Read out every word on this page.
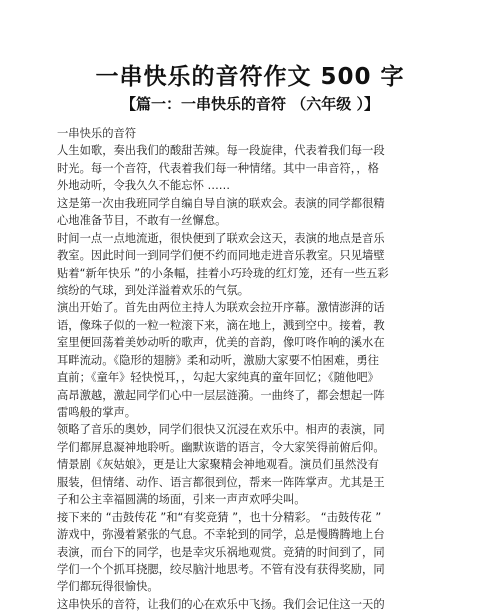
一串快乐的音符作文 500 字
【篇一：一串快乐的音符 （六年级 ）】
一串快乐的音符
人生如歌，奏出我们的酸甜苦辣。每一段旋律，代表着我们每一段
时光。每一个音符，代表着我们每一种情绪。其中一串音符，，格
外地动听，令我久久不能忘怀 ……
这是第一次由我班同学自编自导自演的联欢会。表演的同学都很精
心地准备节目，不敢有一丝懈怠。
时间一点一点地流逝，很快便到了联欢会这天，表演的地点是音乐
教室。因此时间一到同学们便不约而同地走进音乐教室。只见墙壁
贴着“新年快乐 ”的小条幅，挂着小巧玲珑的红灯笼，还有一些五彩
缤纷的气球，到处洋溢着欢乐的气氛。
演出开始了。首先由两位主持人为联欢会拉开序幕。激情澎湃的话
语，像珠子似的一粒一粒滚下来，滴在地上，溅到空中。接着，教
室里便回荡着美妙动听的歌声，优美的音韵，像叮咚作响的溪水在
耳畔流动。《隐形的翅膀》柔和动听，激励大家要不怕困难，勇往
直前；《童年》轻快悦耳，，勾起大家纯真的童年回忆；《随他吧》
高昂激越，激起同学们心中一层层涟漪。一曲终了，都会想起一阵
雷鸣般的掌声。
领略了音乐的奥妙，同学们很快又沉浸在欢乐中。相声的表演，同
学们都屏息凝神地聆听。幽默诙谐的语言，令大家笑得前俯后仰。
情景剧《灰姑娘》，更是让大家聚精会神地观看。演员们虽然没有
服装，但情绪、动作、语言都很到位，帮来一阵阵掌声。尤其是王
子和公主幸福圆满的场面，引来一声声欢呼尖叫。
接下来的 “击鼓传花 ”和“有奖竞猜 ”，也十分精彩。 “击鼓传花 ”
游戏中，弥漫着紧张的气息。不幸轮到的同学，总是慢腾腾地上台
表演，而台下的同学，也是幸灾乐祸地观赏。竞猜的时间到了，同
学们一个个抓耳挠腮，绞尽脑汁地思考。不管有没有获得奖励，同
学们都玩得很愉快。
这串快乐的音符，让我们的心在欢乐中飞扬。我们会记住这一天的
